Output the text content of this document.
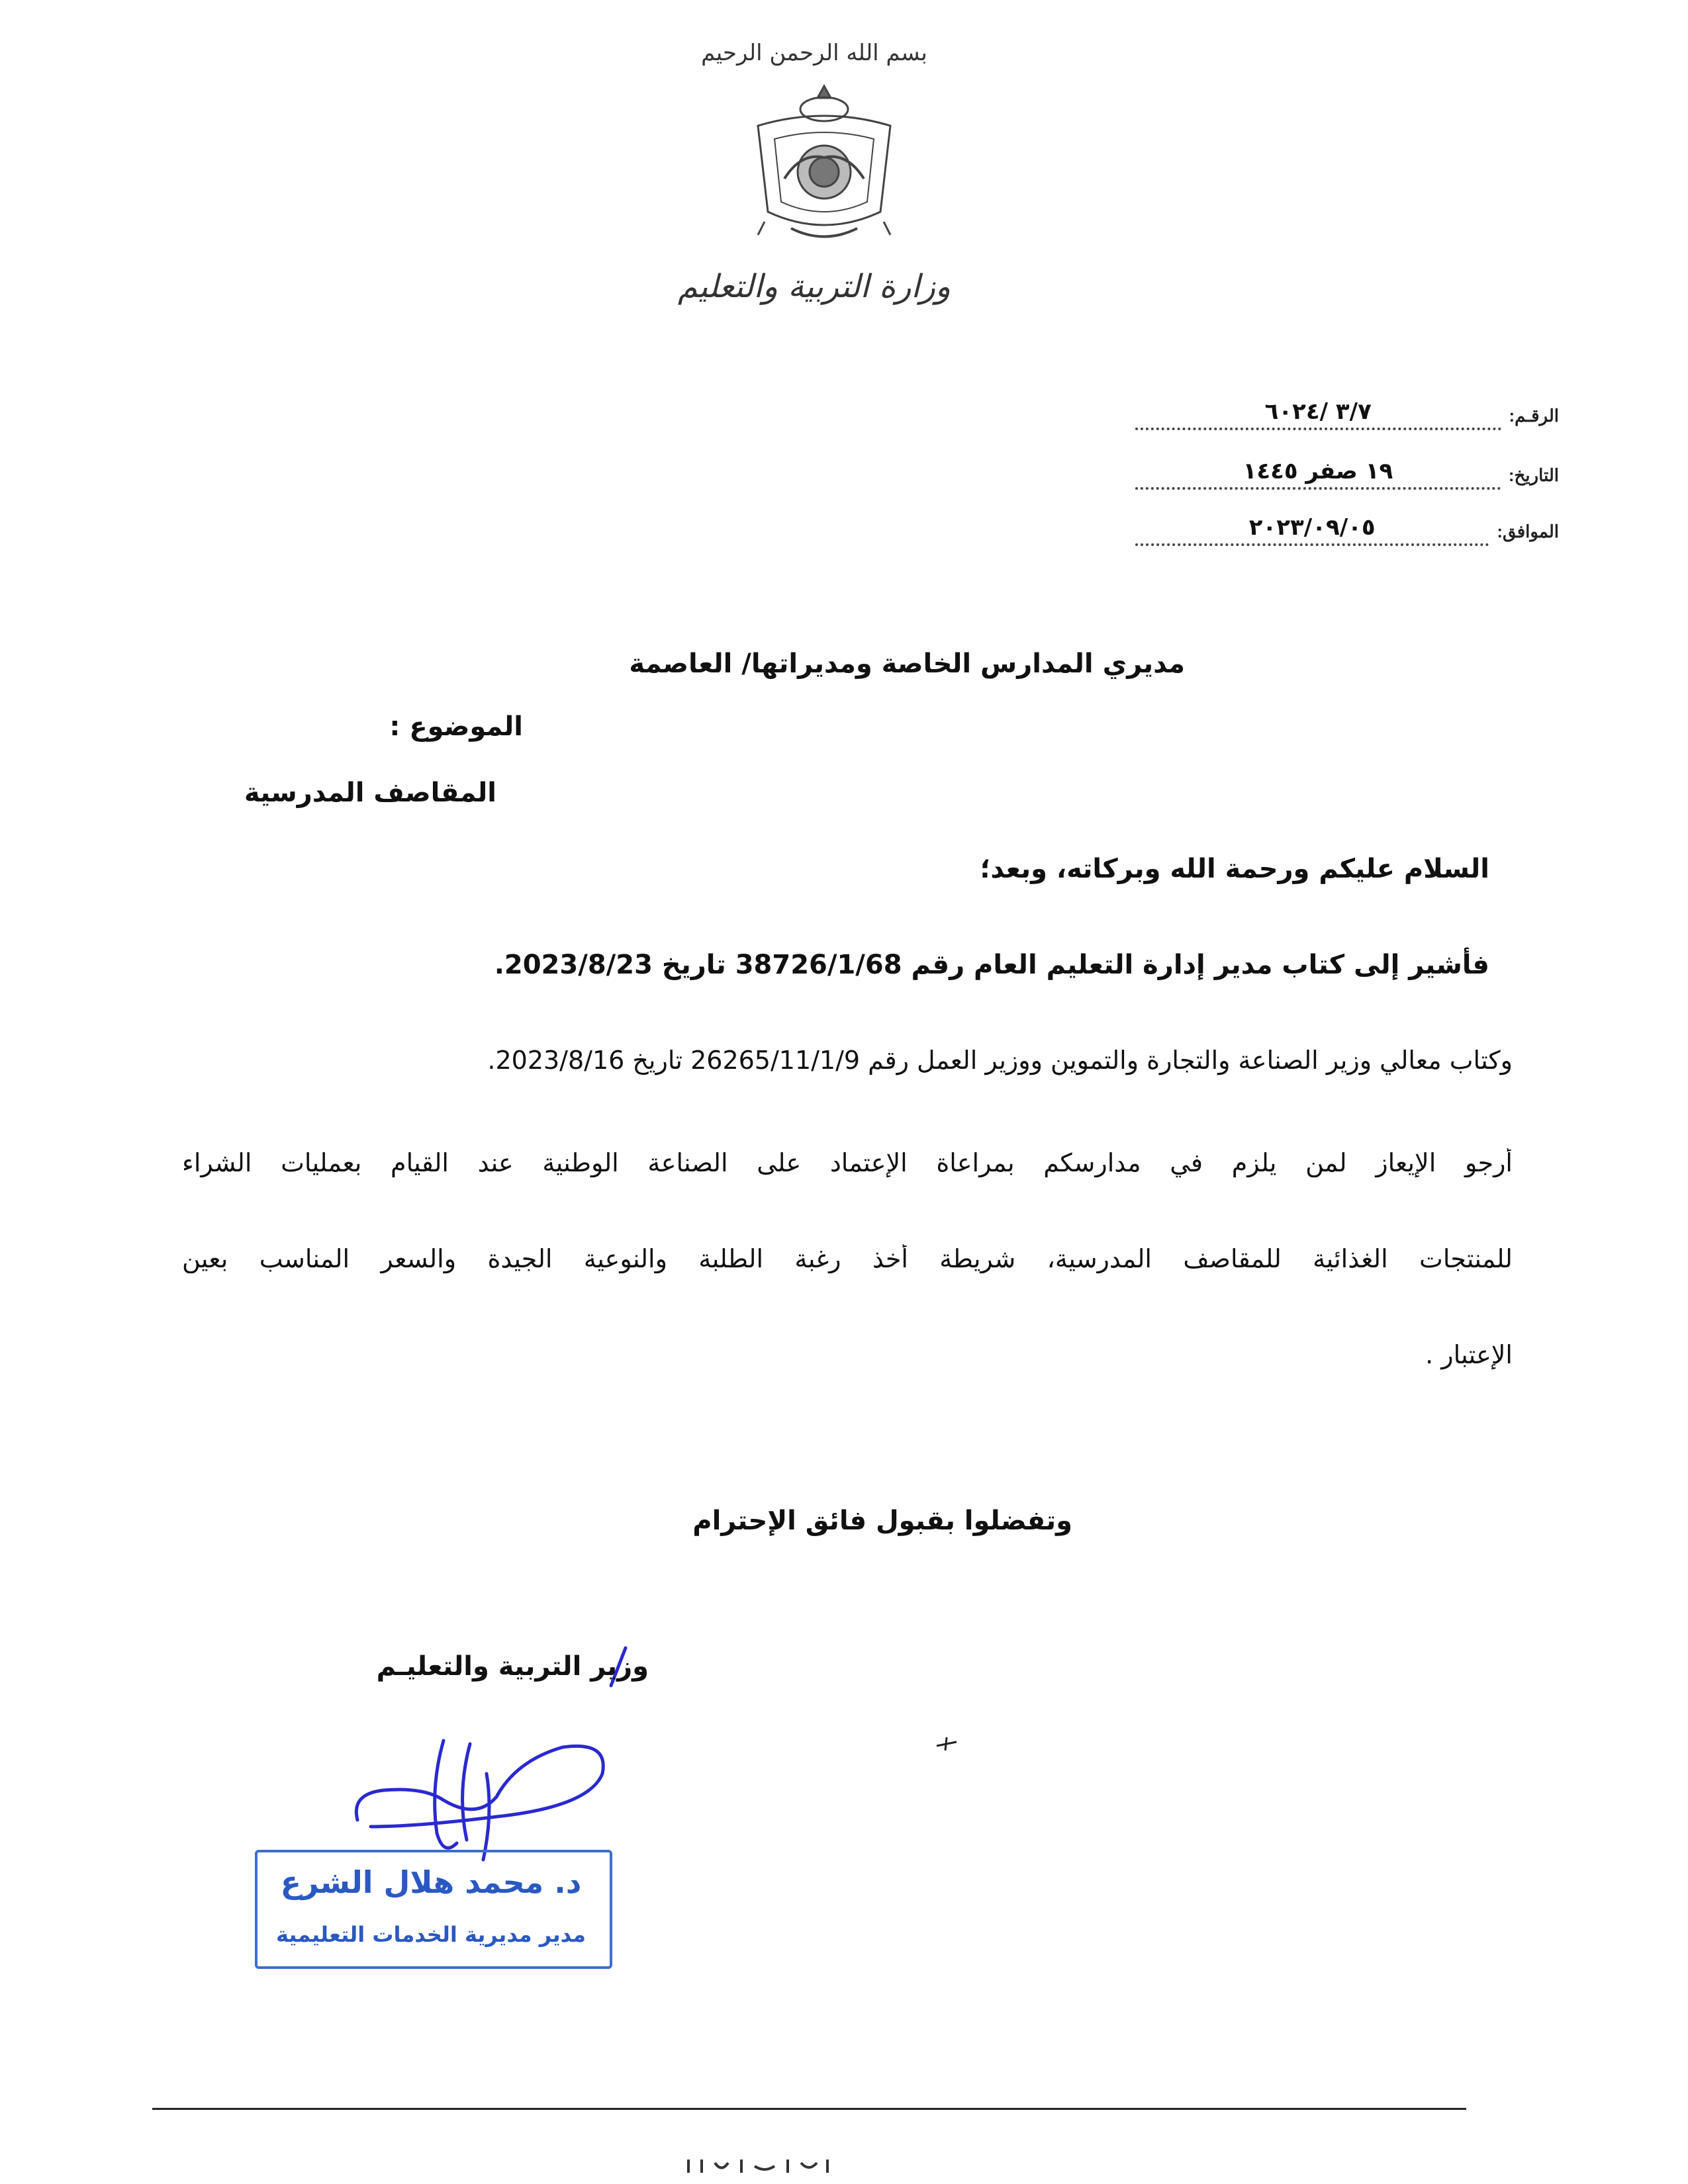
بسم الله الرحمن الرحيم
وزارة التربية والتعليم
الرقـم:
٣/٧ /٦٠٢٤
التاريخ:
١٩ صفر ١٤٤٥
الموافق:
٢٠٢٣/٠٩/٠٥
مديري المدارس الخاصة ومديراتها/ العاصمة
الموضوع :
المقاصف المدرسية
السلام عليكم ورحمة الله وبركاته، وبعد؛
فأشير إلى كتاب مدير إدارة التعليم العام رقم 38726/1/68 تاريخ 2023/8/23.
وكتاب معالي وزير الصناعة والتجارة والتموين ووزير العمل رقم 26265/11/1/9 تاريخ 2023/8/16.
أرجو الإيعاز لمن يلزم في مدارسكم بمراعاة الإعتماد على الصناعة الوطنية عند القيام بعمليات الشراء
للمنتجات الغذائية للمقاصف المدرسية، شريطة أخذ رغبة الطلبة والنوعية الجيدة والسعر المناسب بعين
الإعتبار .
وتفضلوا بقبول فائق الإحترام
وزير التربية والتعليـم
د. محمد هلال الشرع
مدير مديرية الخدمات التعليمية
